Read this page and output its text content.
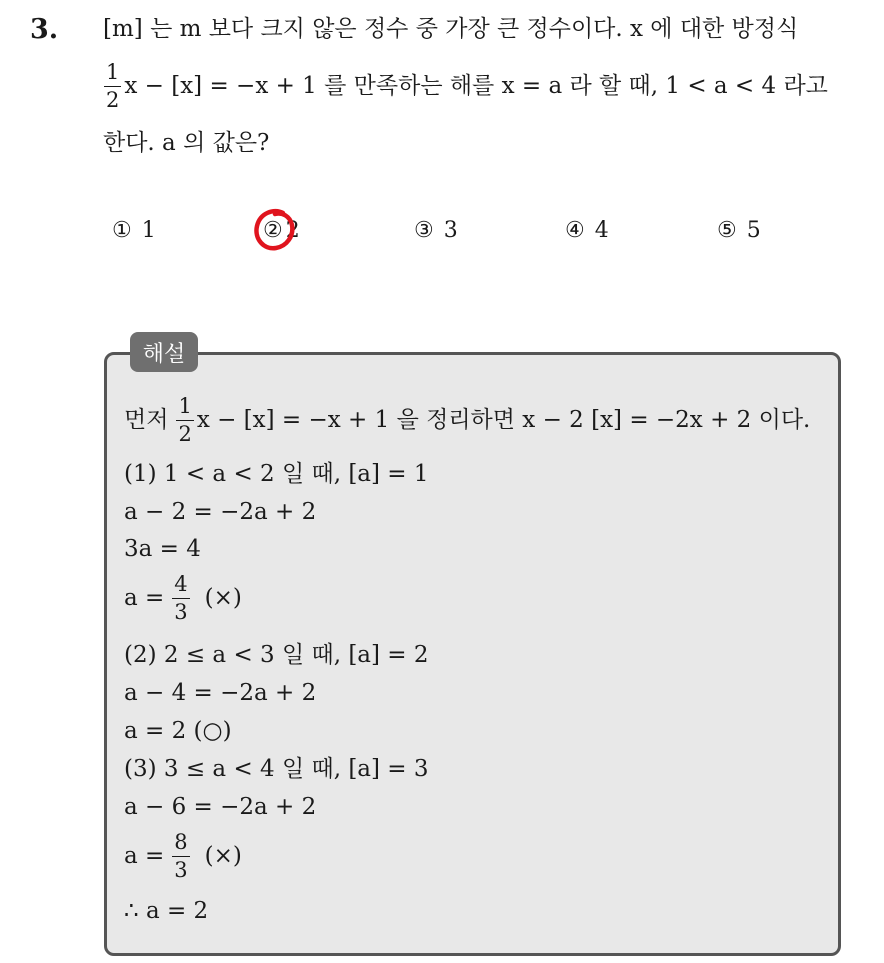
3. [m] 는 m 보다 크지 않은 정수 중 가장 큰 정수이다. x 에 대한 방정식
$\frac{1}{2}$ x − [x] = −x + 1 를 만족하는 해를 x = a 라 할 때, 1 < a < 4 라고
한다. a 의 값은?
① 1	② 2	③ 3	④ 4	⑤ 5
해설
먼저 $\frac{1}{2}$ x − [x] = −x + 1 을 정리하면 x − 2 [x] = −2x + 2 이다.
(1) 1 < a < 2 일 때, [a] = 1
a − 2 = −2a + 2
3a = 4
$a = \frac{4}{3}$ (×)
(2) 2 ≤ a < 3 일 때, [a] = 2
a − 4 = −2a + 2
a = 2 (○)
(3) 3 ≤ a < 4 일 때, [a] = 3
a − 6 = −2a + 2
$a = \frac{8}{3}$ (×)
∴ a = 2
